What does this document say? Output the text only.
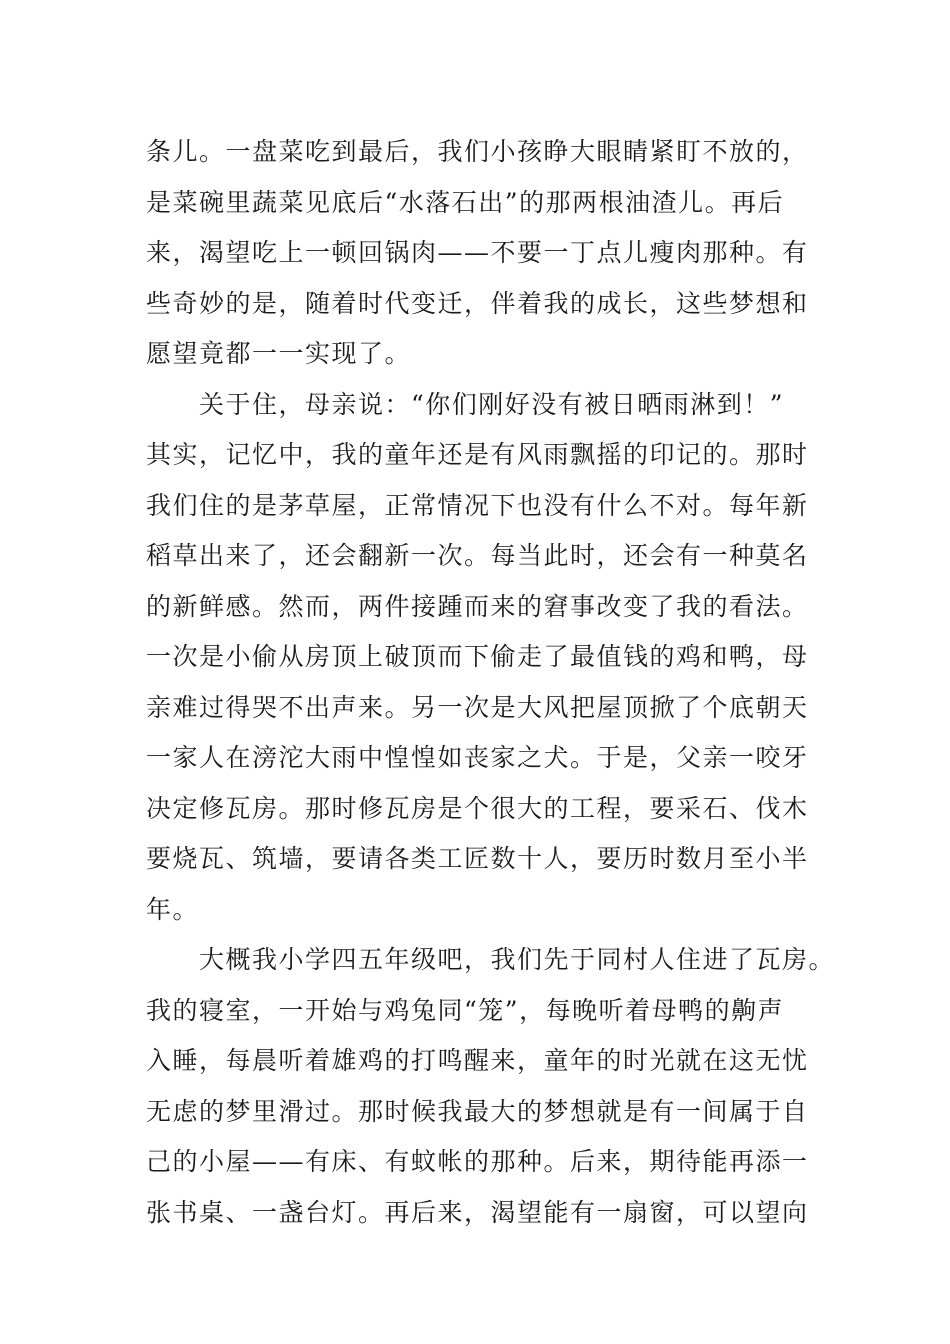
条儿。一盘菜吃到最后，我们小孩睁大眼睛紧盯不放的，
是菜碗里蔬菜见底后“水落石出”的那两根油渣儿。再后
来，渴望吃上一顿回锅肉——不要一丁点儿瘦肉那种。有
些奇妙的是，随着时代变迁，伴着我的成长，这些梦想和
愿望竟都一一实现了。
　　关于住，母亲说：“你们刚好没有被日晒雨淋到！”
其实，记忆中，我的童年还是有风雨飘摇的印记的。那时
我们住的是茅草屋，正常情况下也没有什么不对。每年新
稻草出来了，还会翻新一次。每当此时，还会有一种莫名
的新鲜感。然而，两件接踵而来的窘事改变了我的看法。
一次是小偷从房顶上破顶而下偷走了最值钱的鸡和鸭，母
亲难过得哭不出声来。另一次是大风把屋顶掀了个底朝天
一家人在滂沱大雨中惶惶如丧家之犬。于是，父亲一咬牙
决定修瓦房。那时修瓦房是个很大的工程，要采石、伐木
要烧瓦、筑墙，要请各类工匠数十人，要历时数月至小半
年。
　　大概我小学四五年级吧，我们先于同村人住进了瓦房。
我的寝室，一开始与鸡兔同“笼”，每晚听着母鸭的齁声
入睡，每晨听着雄鸡的打鸣醒来，童年的时光就在这无忧
无虑的梦里滑过。那时候我最大的梦想就是有一间属于自
己的小屋——有床、有蚊帐的那种。后来，期待能再添一
张书桌、一盏台灯。再后来，渴望能有一扇窗，可以望向
